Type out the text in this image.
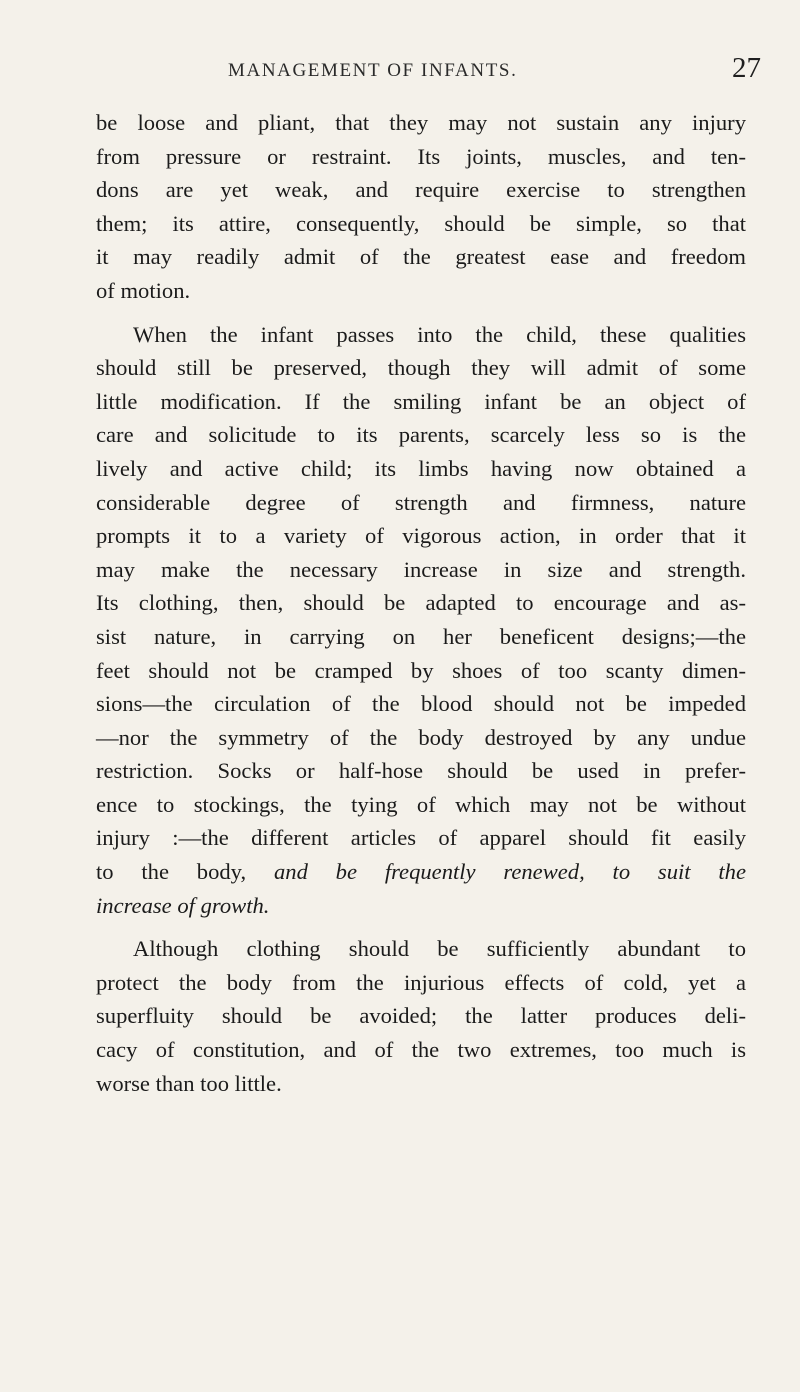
MANAGEMENT OF INFANTS.	27
be loose and pliant, that they may not sustain any injury
from pressure or restraint. Its joints, muscles, and ten-
dons are yet weak, and require exercise to strengthen
them; its attire, consequently, should be simple, so that
it may readily admit of the greatest ease and freedom
of motion.
When the infant passes into the child, these qualities
should still be preserved, though they will admit of some
little modification. If the smiling infant be an object of
care and solicitude to its parents, scarcely less so is the
lively and active child; its limbs having now obtained a
considerable degree of strength and firmness, nature
prompts it to a variety of vigorous action, in order that it
may make the necessary increase in size and strength.
Its clothing, then, should be adapted to encourage and as-
sist nature, in carrying on her beneficent designs;—the
feet should not be cramped by shoes of too scanty dimen-
sions—the circulation of the blood should not be impeded
—nor the symmetry of the body destroyed by any undue
restriction. Socks or half-hose should be used in prefer-
ence to stockings, the tying of which may not be without
injury :—the different articles of apparel should fit easily
to the body, and be frequently renewed, to suit the
increase of growth.
Although clothing should be sufficiently abundant to
protect the body from the injurious effects of cold, yet a
superfluity should be avoided; the latter produces deli-
cacy of constitution, and of the two extremes, too much is
worse than too little.
